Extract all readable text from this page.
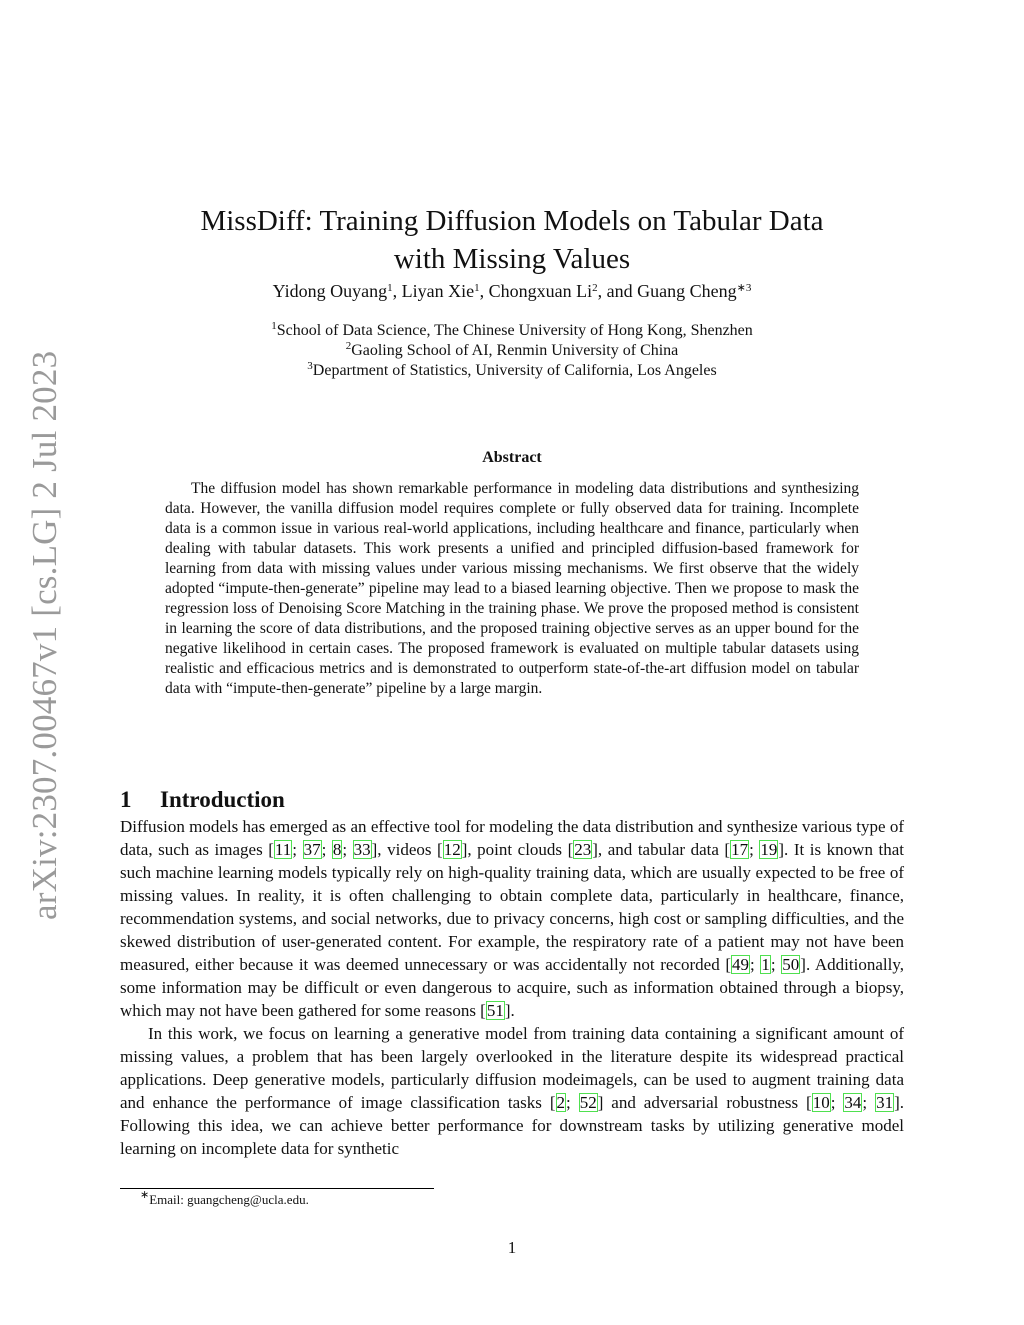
arXiv:2307.00467v1 [cs.LG] 2 Jul 2023
MissDiff: Training Diffusion Models on Tabular Data
with Missing Values
Yidong Ouyang$^1$, Liyan Xie$^1$, Chongxuan Li$^2$, and Guang Cheng$^{∗3}$
$^1$School of Data Science, The Chinese University of Hong Kong, Shenzhen
$^2$Gaoling School of AI, Renmin University of China
$^3$Department of Statistics, University of California, Los Angeles
Abstract

The diffusion model has shown remarkable performance in modeling data distributions and synthesizing data. However, the vanilla diffusion model requires complete or fully observed data for training. Incomplete data is a common issue in various real-world applications, including healthcare and finance, particularly when dealing with tabular datasets. This work presents a unified and principled diffusion-based framework for learning from data with missing values under various missing mechanisms. We first observe that the widely adopted “impute-then-generate” pipeline may lead to a biased learning objective. Then we propose to mask the regression loss of Denoising Score Matching in the training phase. We prove the proposed method is consistent in learning the score of data distributions, and the proposed training objective serves as an upper bound for the negative likelihood in certain cases. The proposed framework is evaluated on multiple tabular datasets using realistic and efficacious metrics and is demonstrated to outperform state-of-the-art diffusion model on tabular data with “impute-then-generate” pipeline by a large margin.

1 Introduction

Diffusion models has emerged as an effective tool for modeling the data distribution and synthesize various type of data, such as images [11; 37; 8; 33], videos [12], point clouds [23], and tabular data [17; 19]. It is known that such machine learning models typically rely on high-quality training data, which are usually expected to be free of missing values. In reality, it is often challenging to obtain complete data, particularly in healthcare, finance, recommendation systems, and social networks, due to privacy concerns, high cost or sampling difficulties, and the skewed distribution of user-generated content. For example, the respiratory rate of a patient may not have been measured, either because it was deemed unnecessary or was accidentally not recorded [49; 1; 50]. Additionally, some information may be difficult or even dangerous to acquire, such as information obtained through a biopsy, which may not have been gathered for some reasons [51].

In this work, we focus on learning a generative model from training data containing a significant amount of missing values, a problem that has been largely overlooked in the literature despite its widespread practical applications. Deep generative models, particularly diffusion modeimagels, can be used to augment training data and enhance the performance of image classification tasks [2; 52] and adversarial robustness [10; 34; 31]. Following this idea, we can achieve better performance for downstream tasks by utilizing generative model learning on incomplete data for synthetic

∗Email: guangcheng@ucla.edu.
1
